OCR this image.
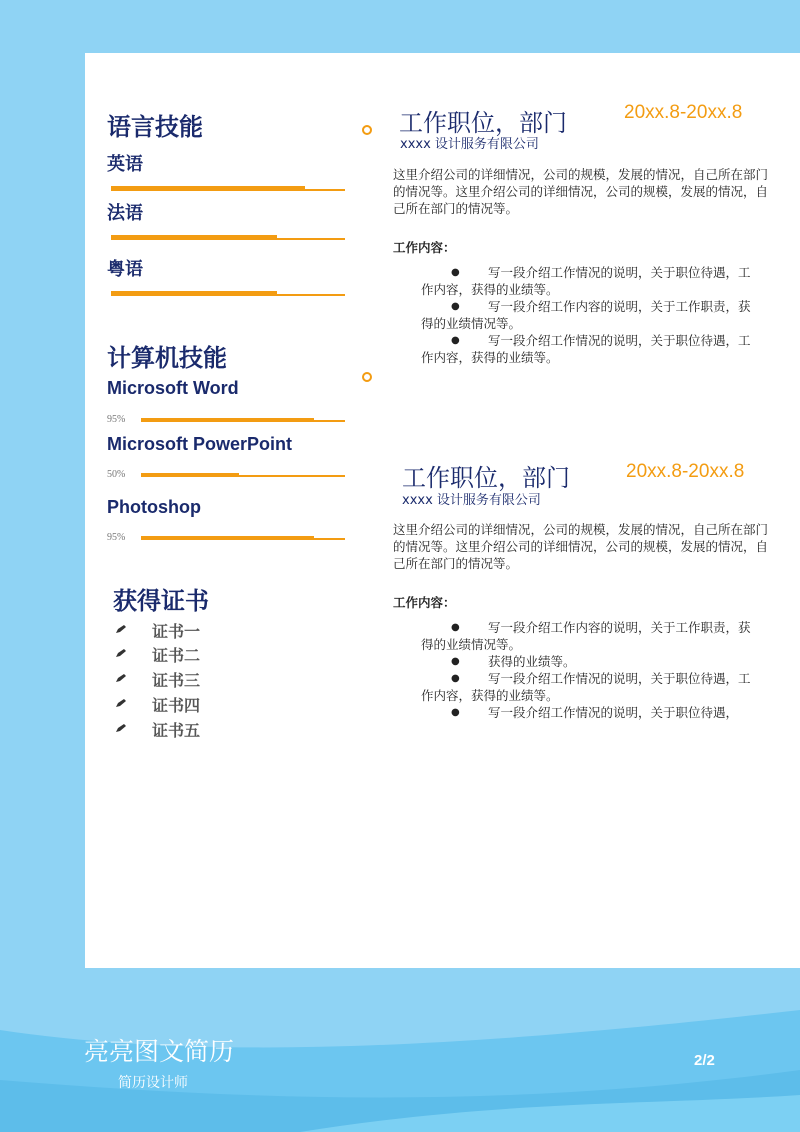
语言技能
英语
法语
粤语
计算机技能
Microsoft Word
95%
Microsoft PowerPoint
50%
Photoshop
95%
获得证书
证书一
证书二
证书三
证书四
证书五
工作职位，部门	20xx.8-20xx.8
xxxx 设计服务有限公司
这里介绍公司的详细情况，公司的规模，发展的情况，自己所在部门的情况等。这里介绍公司的详细情况，公司的规模，发展的情况，自己所在部门的情况等。
工作内容：
● 写一段介绍工作情况的说明，关于职位待遇，工作内容，获得的业绩等。
● 写一段介绍工作内容的说明，关于工作职责，获得的业绩情况等。
● 写一段介绍工作情况的说明，关于职位待遇，工作内容，获得的业绩等。
工作职位，部门	20xx.8-20xx.8
xxxx 设计服务有限公司
这里介绍公司的详细情况，公司的规模，发展的情况，自己所在部门的情况等。这里介绍公司的详细情况，公司的规模，发展的情况，自己所在部门的情况等。
工作内容：
● 写一段介绍工作内容的说明，关于工作职责，获得的业绩情况等。
● 获得的业绩等。
● 写一段介绍工作情况的说明，关于职位待遇，工作内容，获得的业绩等。
● 写一段介绍工作情况的说明，关于职位待遇，
亮亮图文简历
简历设计师
2/2
